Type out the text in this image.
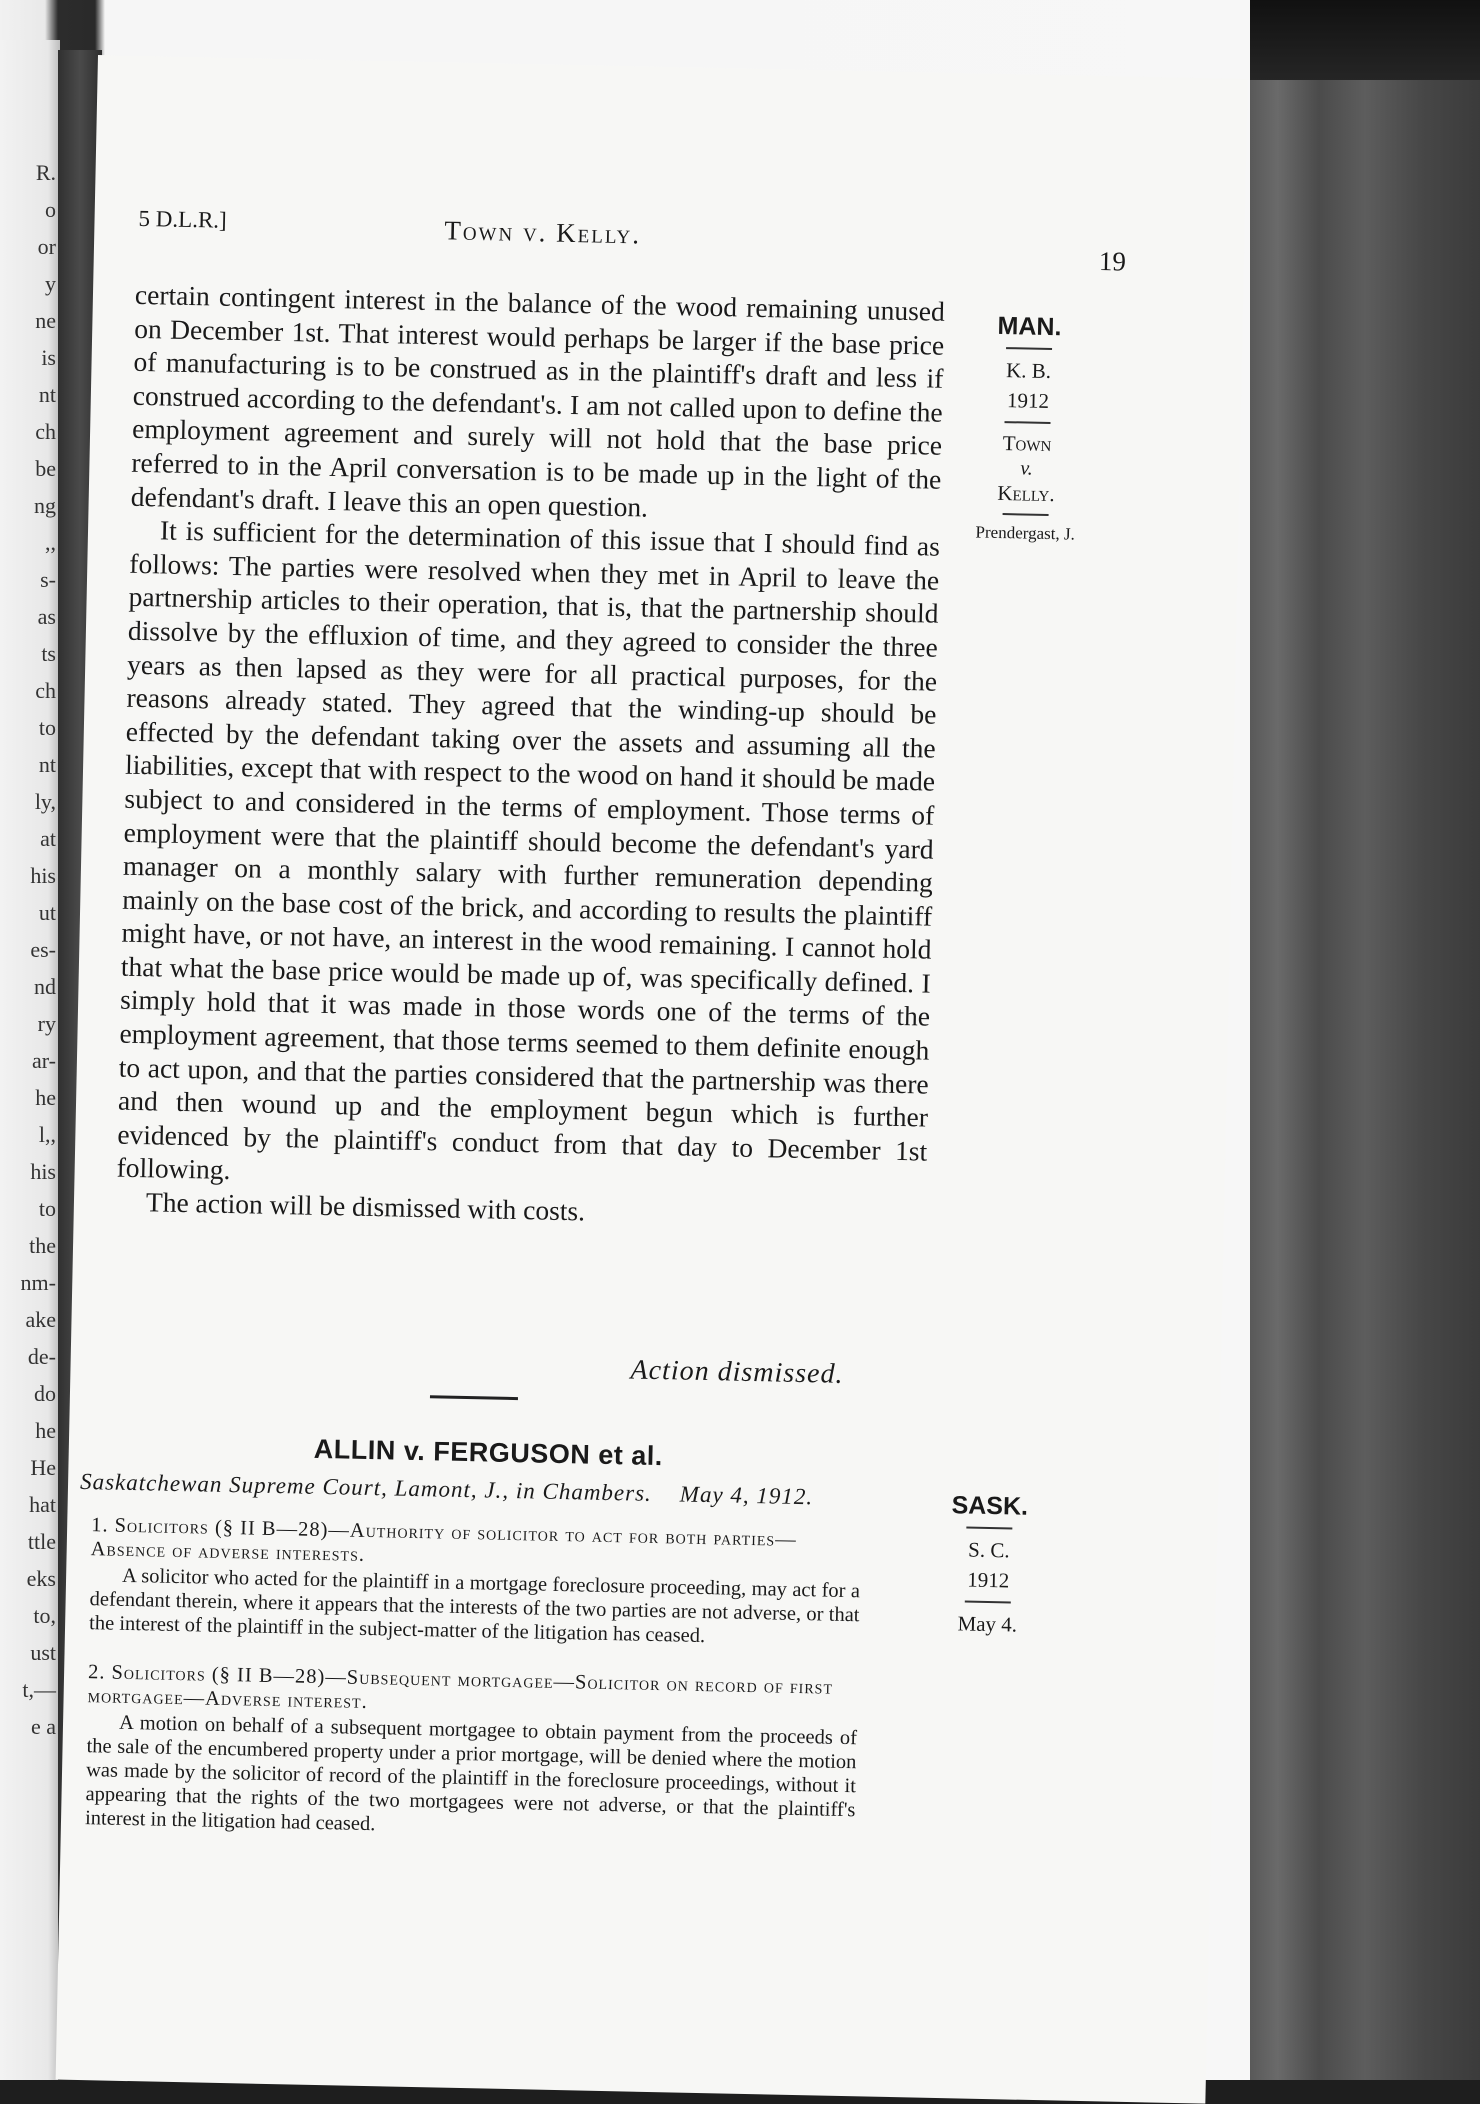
R.
o
or
y
ne
is
nt
ch
be
ng
,,
s-
as
ts
ch
to
nt
ly,
at
his
ut
es-
nd
ry
ar-
he
l,,
his
to
the
nm-
ake
de-
do
he
He
hat
ttle
eks
to,
ust
t,—
e a
5 D.L.R.]	Town v. Kelly.
19

certain contingent interest in the balance of the wood remaining unused on December 1st. That interest would perhaps be larger if the base price of manufacturing is to be construed as in the plaintiff's draft and less if construed according to the defendant's. I am not called upon to define the employment agreement and surely will not hold that the base price referred to in the April conversation is to be made up in the light of the defendant's draft. I leave this an open question.

It is sufficient for the determination of this issue that I should find as follows: The parties were resolved when they met in April to leave the partnership articles to their operation, that is, that the partnership should dissolve by the effluxion of time, and they agreed to consider the three years as then lapsed as they were for all practical purposes, for the reasons already stated. They agreed that the winding-up should be effected by the defendant taking over the assets and assuming all the liabilities, except that with respect to the wood on hand it should be made subject to and considered in the terms of employment. Those terms of employment were that the plaintiff should become the defendant's yard manager on a monthly salary with further remuneration depending mainly on the base cost of the brick, and according to results the plaintiff might have, or not have, an interest in the wood remaining. I cannot hold that what the base price would be made up of, was specifically defined. I simply hold that it was made in those words one of the terms of the employment agreement, that those terms seemed to them definite enough to act upon, and that the parties considered that the partnership was there and then wound up and the employment begun which is further evidenced by the plaintiff's conduct from that day to December 1st following.

The action will be dismissed with costs.

Action dismissed.
MAN.
K. B.
1912
Town
v.
Kelly.
Prendergast, J.
ALLIN v. FERGUSON et al.
Saskatchewan Supreme Court, Lamont, J., in Chambers. May 4, 1912.
1. Solicitors (§ II B—28)—Authority of solicitor to act for both parties—Absence of adverse interests.
A solicitor who acted for the plaintiff in a mortgage foreclosure proceeding, may act for a defendant therein, where it appears that the interests of the two parties are not adverse, or that the interest of the plaintiff in the subject-matter of the litigation has ceased.
2. Solicitors (§ II B—28)—Subsequent mortgagee—Solicitor on record of first mortgagee—Adverse interest.
A motion on behalf of a subsequent mortgagee to obtain payment from the proceeds of the sale of the encumbered property under a prior mortgage, will be denied where the motion was made by the solicitor of record of the plaintiff in the foreclosure proceedings, without it appearing that the rights of the two mortgagees were not adverse, or that the plaintiff's interest in the litigation had ceased.
SASK.
S. C.
1912
May 4.
